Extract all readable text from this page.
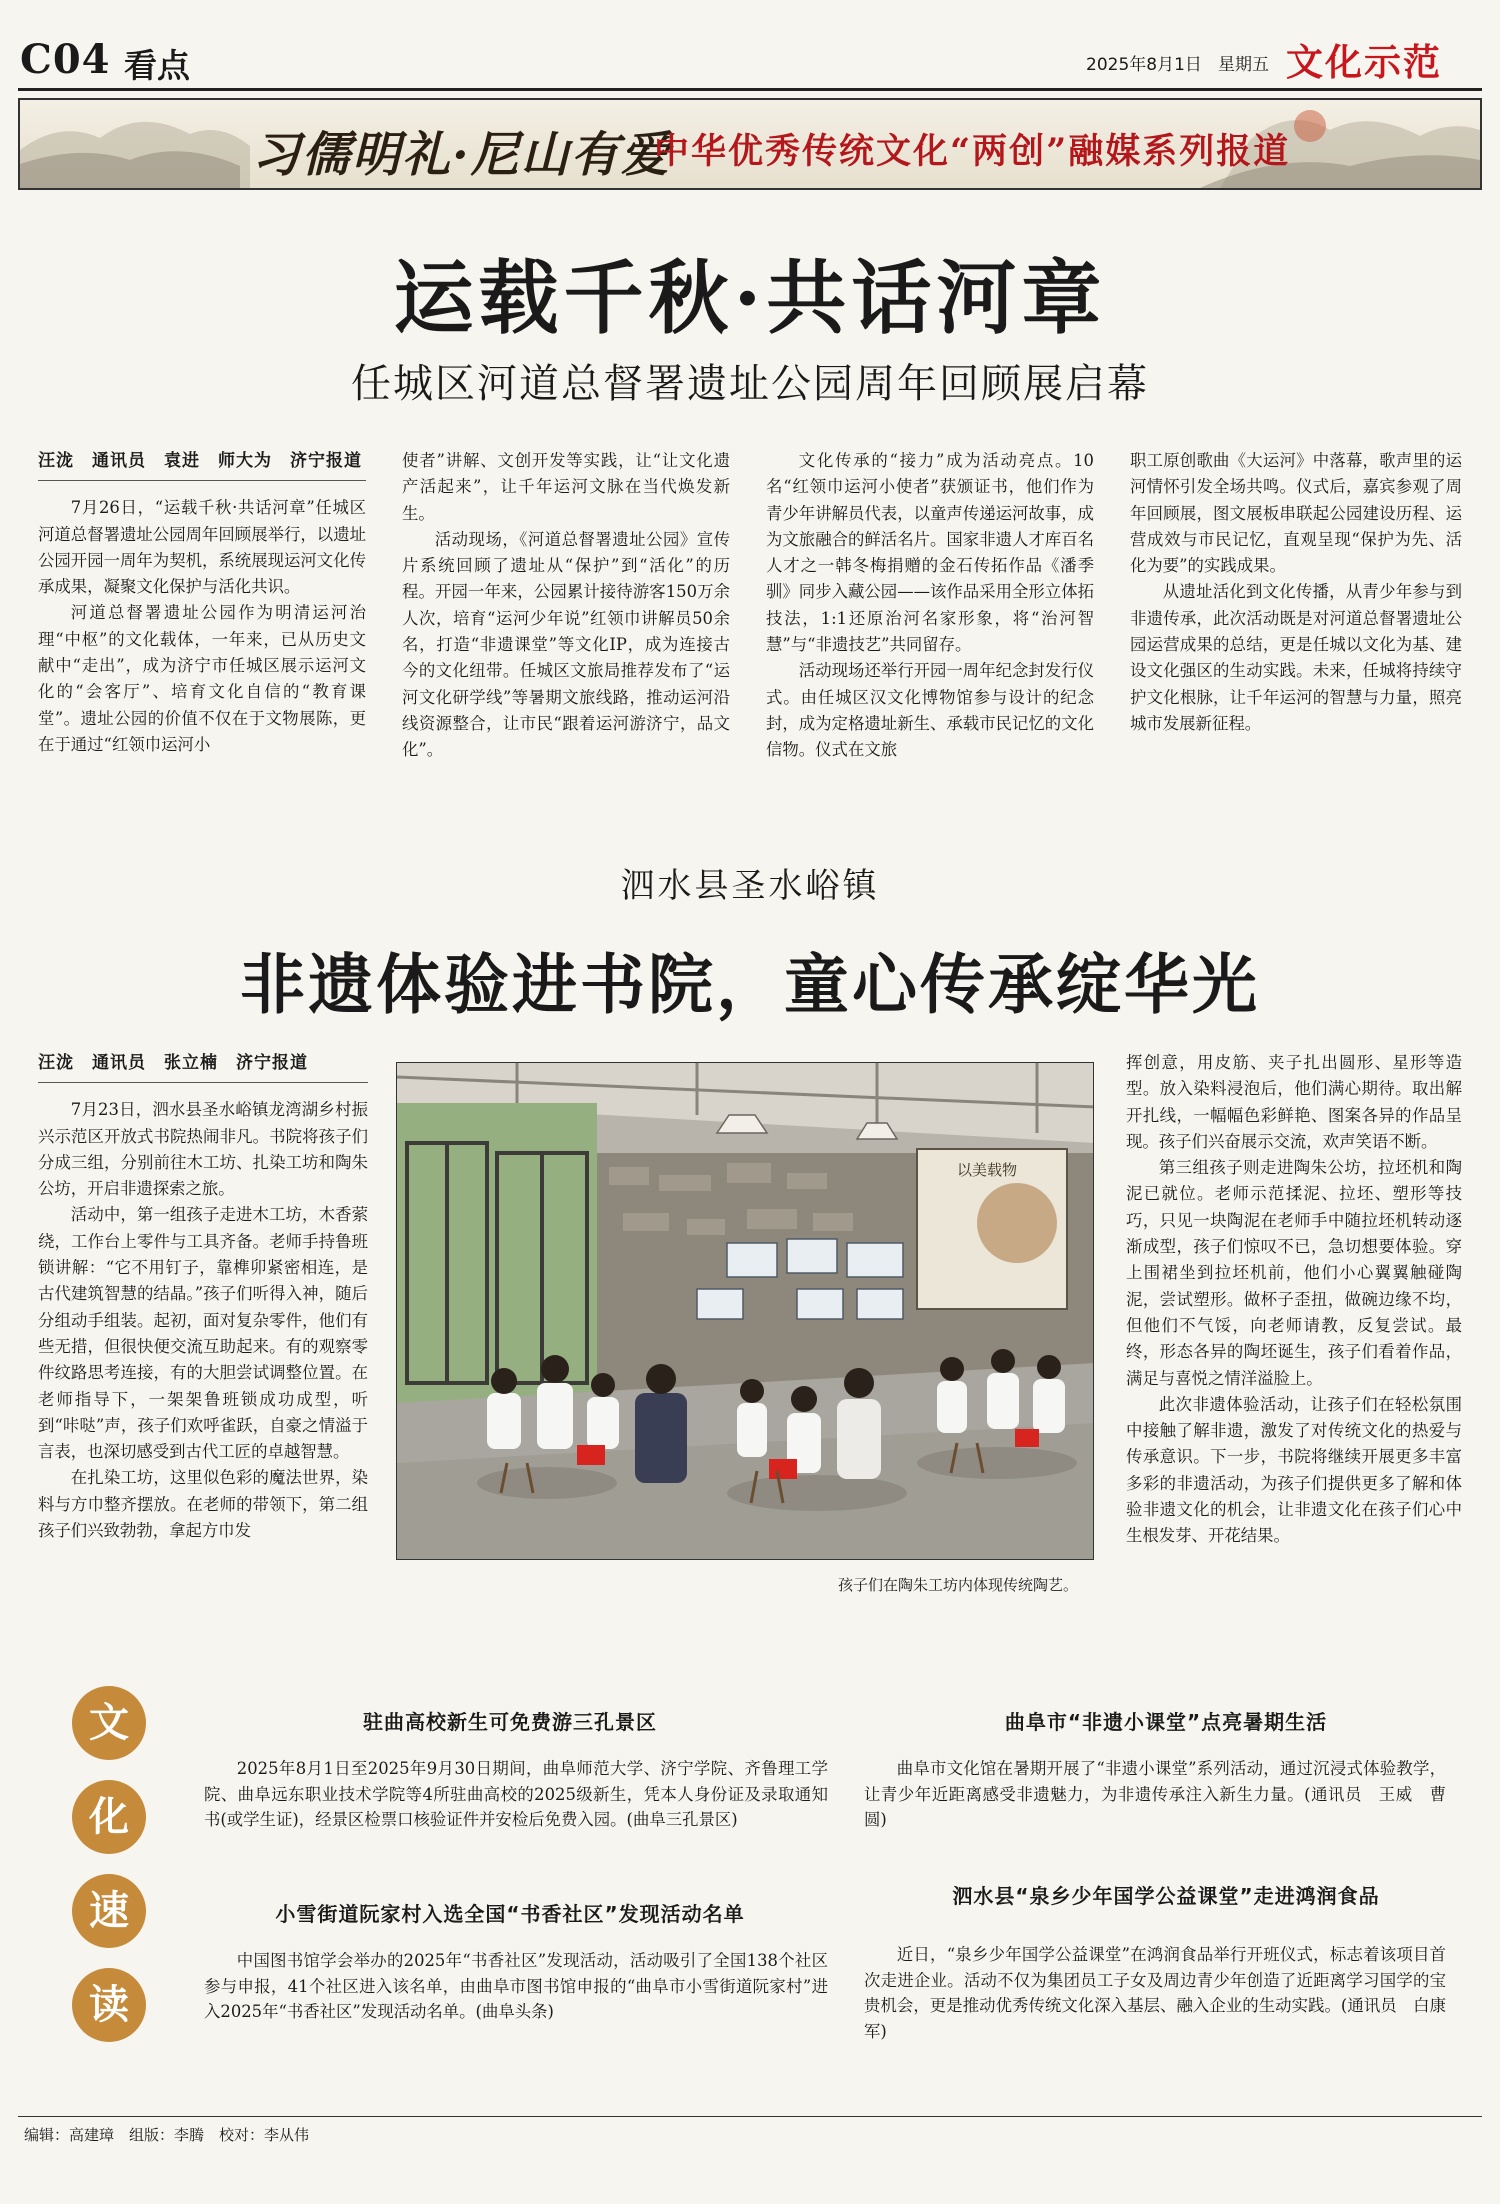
C04 看点	2025年8月1日 星期五 文化示范
习儒明礼·尼山有爱
中华优秀传统文化“两创”融媒系列报道
运载千秋·共话河章
任城区河道总督署遗址公园周年回顾展启幕
汪泷　通讯员　袁进　师大为　济宁报道

7月26日，“运载千秋·共话河章”任城区河道总督署遗址公园周年回顾展举行，以遗址公园开园一周年为契机，系统展现运河文化传承成果，凝聚文化保护与活化共识。

河道总督署遗址公园作为明清运河治理“中枢”的文化载体，一年来，已从历史文献中“走出”，成为济宁市任城区展示运河文化的“会客厅”、培育文化自信的“教育课堂”。遗址公园的价值不仅在于文物展陈，更在于通过“红领巾运河小

使者”讲解、文创开发等实践，让“让文化遗产活起来”，让千年运河文脉在当代焕发新生。

活动现场，《河道总督署遗址公园》宣传片系统回顾了遗址从“保护”到“活化”的历程。开园一年来，公园累计接待游客150万余人次，培育“运河少年说”红领巾讲解员50余名，打造“非遗课堂”等文化IP，成为连接古今的文化纽带。任城区文旅局推荐发布了“运河文化研学线”等暑期文旅线路，推动运河沿线资源整合，让市民“跟着运河游济宁，品文化”。

文化传承的“接力”成为活动亮点。10名“红领巾运河小使者”获颁证书，他们作为青少年讲解员代表，以童声传递运河故事，成为文旅融合的鲜活名片。国家非遗人才库百名人才之一韩冬梅捐赠的金石传拓作品《潘季驯》同步入藏公园——该作品采用全形立体拓技法，1:1还原治河名家形象，将“治河智慧”与“非遗技艺”共同留存。

活动现场还举行开园一周年纪念封发行仪式。由任城区汉文化博物馆参与设计的纪念封，成为定格遗址新生、承载市民记忆的文化信物。仪式在文旅

职工原创歌曲《大运河》中落幕，歌声里的运河情怀引发全场共鸣。仪式后，嘉宾参观了周年回顾展，图文展板串联起公园建设历程、运营成效与市民记忆，直观呈现“保护为先、活化为要”的实践成果。

从遗址活化到文化传播，从青少年参与到非遗传承，此次活动既是对河道总督署遗址公园运营成果的总结，更是任城以文化为基、建设文化强区的生动实践。未来，任城将持续守护文化根脉，让千年运河的智慧与力量，照亮城市发展新征程。

泗水县圣水峪镇
非遗体验进书院，童心传承绽华光
汪泷　通讯员　张立楠　济宁报道

7月23日，泗水县圣水峪镇龙湾湖乡村振兴示范区开放式书院热闹非凡。书院将孩子们分成三组，分别前往木工坊、扎染工坊和陶朱公坊，开启非遗探索之旅。

活动中，第一组孩子走进木工坊，木香萦绕，工作台上零件与工具齐备。老师手持鲁班锁讲解：“它不用钉子，靠榫卯紧密相连，是古代建筑智慧的结晶。”孩子们听得入神，随后分组动手组装。起初，面对复杂零件，他们有些无措，但很快便交流互助起来。有的观察零件纹路思考连接，有的大胆尝试调整位置。在老师指导下，一架架鲁班锁成功成型，听到“咔哒”声，孩子们欢呼雀跃，自豪之情溢于言表，也深切感受到古代工匠的卓越智慧。

在扎染工坊，这里似色彩的魔法世界，染料与方巾整齐摆放。在老师的带领下，第二组孩子们兴致勃勃，拿起方巾发

以美载物
孩子们在陶朱工坊内体现传统陶艺。

挥创意，用皮筋、夹子扎出圆形、星形等造型。放入染料浸泡后，他们满心期待。取出解开扎线，一幅幅色彩鲜艳、图案各异的作品呈现。孩子们兴奋展示交流，欢声笑语不断。

第三组孩子则走进陶朱公坊，拉坯机和陶泥已就位。老师示范揉泥、拉坯、塑形等技巧，只见一块陶泥在老师手中随拉坯机转动逐渐成型，孩子们惊叹不已，急切想要体验。穿上围裙坐到拉坯机前，他们小心翼翼触碰陶泥，尝试塑形。做杯子歪扭，做碗边缘不均，但他们不气馁，向老师请教，反复尝试。最终，形态各异的陶坯诞生，孩子们看着作品，满足与喜悦之情洋溢脸上。

此次非遗体验活动，让孩子们在轻松氛围中接触了解非遗，激发了对传统文化的热爱与传承意识。下一步，书院将继续开展更多丰富多彩的非遗活动，为孩子们提供更多了解和体验非遗文化的机会，让非遗文化在孩子们心中生根发芽、开花结果。

文
化
速
读
驻曲高校新生可免费游三孔景区
2025年8月1日至2025年9月30日期间，曲阜师范大学、济宁学院、齐鲁理工学院、曲阜远东职业技术学院等4所驻曲高校的2025级新生，凭本人身份证及录取通知书(或学生证)，经景区检票口核验证件并安检后免费入园。(曲阜三孔景区)
小雪街道阮家村入选全国“书香社区”发现活动名单
中国图书馆学会举办的2025年“书香社区”发现活动，活动吸引了全国138个社区参与申报，41个社区进入该名单，由曲阜市图书馆申报的“曲阜市小雪街道阮家村”进入2025年“书香社区”发现活动名单。(曲阜头条)
曲阜市“非遗小课堂”点亮暑期生活
曲阜市文化馆在暑期开展了“非遗小课堂”系列活动，通过沉浸式体验教学，让青少年近距离感受非遗魅力，为非遗传承注入新生力量。(通讯员　王威　曹圆)
泗水县“泉乡少年国学公益课堂”走进鸿润食品
近日，“泉乡少年国学公益课堂”在鸿润食品举行开班仪式，标志着该项目首次走进企业。活动不仅为集团员工子女及周边青少年创造了近距离学习国学的宝贵机会，更是推动优秀传统文化深入基层、融入企业的生动实践。(通讯员　白康军)
编辑：高建璋　组版：李腾　校对：李从伟
